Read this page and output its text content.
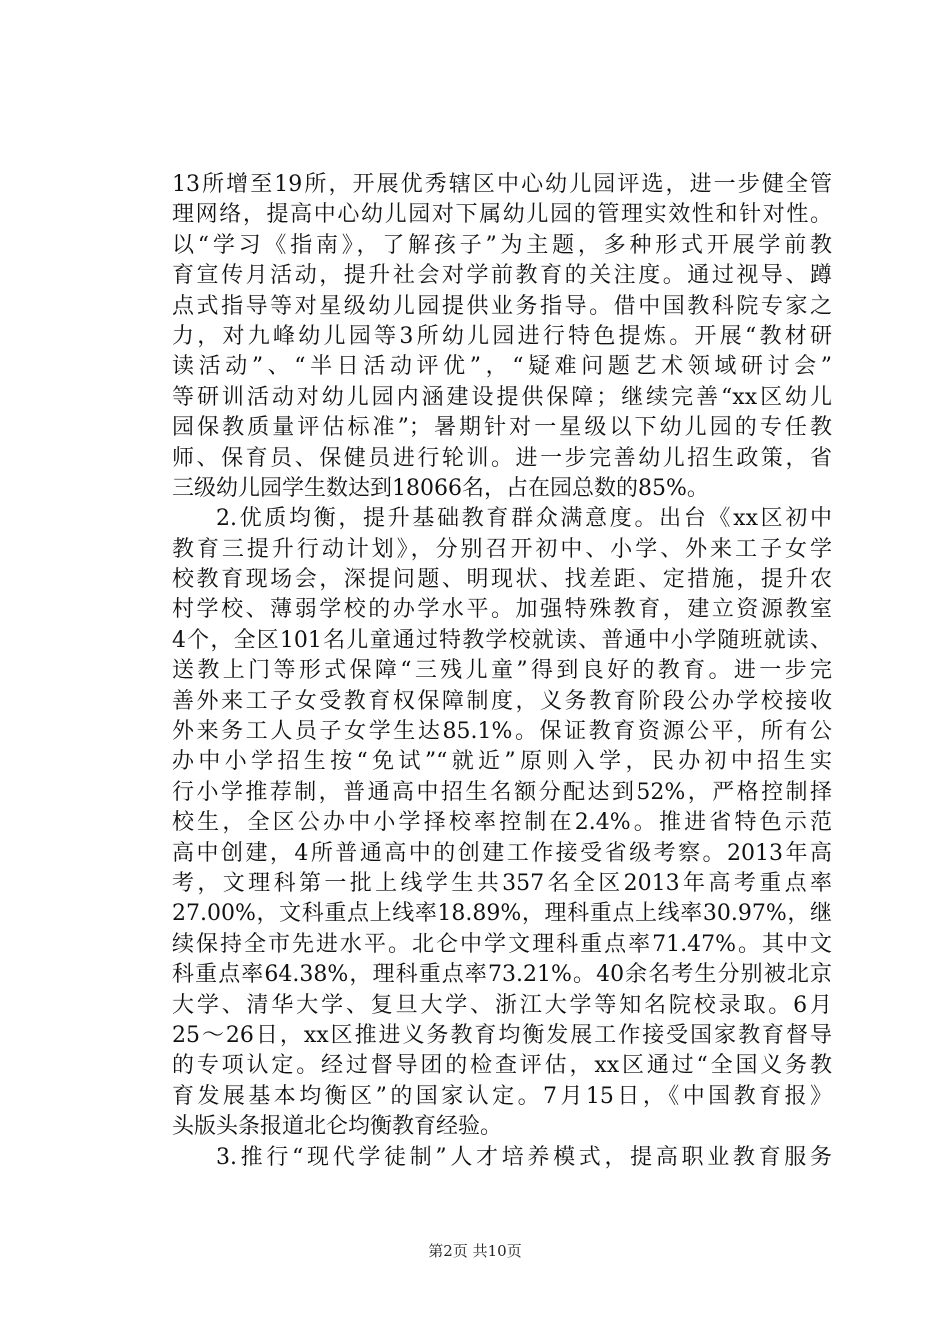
13所增至19所，开展优秀辖区中心幼儿园评选，进一步健全管
理网络，提高中心幼儿园对下属幼儿园的管理实效性和针对性。
以“学习《指南》，了解孩子”为主题，多种形式开展学前教
育宣传月活动，提升社会对学前教育的关注度。通过视导、蹲
点式指导等对星级幼儿园提供业务指导。借中国教科院专家之
力，对九峰幼儿园等3所幼儿园进行特色提炼。开展“教材研
读活动”、“半日活动评优”，“疑难问题艺术领域研讨会”
等研训活动对幼儿园内涵建设提供保障；继续完善“xx区幼儿
园保教质量评估标准”；暑期针对一星级以下幼儿园的专任教
师、保育员、保健员进行轮训。进一步完善幼儿招生政策，省
三级幼儿园学生数达到18066名，占在园总数的85%。
2.优质均衡，提升基础教育群众满意度。出台《xx区初中
教育三提升行动计划》，分别召开初中、小学、外来工子女学
校教育现场会，深提问题、明现状、找差距、定措施，提升农
村学校、薄弱学校的办学水平。加强特殊教育，建立资源教室
4个，全区101名儿童通过特教学校就读、普通中小学随班就读、
送教上门等形式保障“三残儿童”得到良好的教育。进一步完
善外来工子女受教育权保障制度，义务教育阶段公办学校接收
外来务工人员子女学生达85.1%。保证教育资源公平，所有公
办中小学招生按“免试”“就近”原则入学，民办初中招生实
行小学推荐制，普通高中招生名额分配达到52%，严格控制择
校生，全区公办中小学择校率控制在2.4%。推进省特色示范
高中创建，4所普通高中的创建工作接受省级考察。2013年高
考，文理科第一批上线学生共357名全区2013年高考重点率
27.00%，文科重点上线率18.89%，理科重点上线率30.97%，继
续保持全市先进水平。北仑中学文理科重点率71.47%。其中文
科重点率64.38%，理科重点率73.21%。40余名考生分别被北京
大学、清华大学、复旦大学、浙江大学等知名院校录取。6月
25～26日，xx区推进义务教育均衡发展工作接受国家教育督导
的专项认定。经过督导团的检查评估，xx区通过“全国义务教
育发展基本均衡区”的国家认定。7月15日，《中国教育报》
头版头条报道北仑均衡教育经验。
3.推行“现代学徒制”人才培养模式，提高职业教育服务
第2页 共10页
